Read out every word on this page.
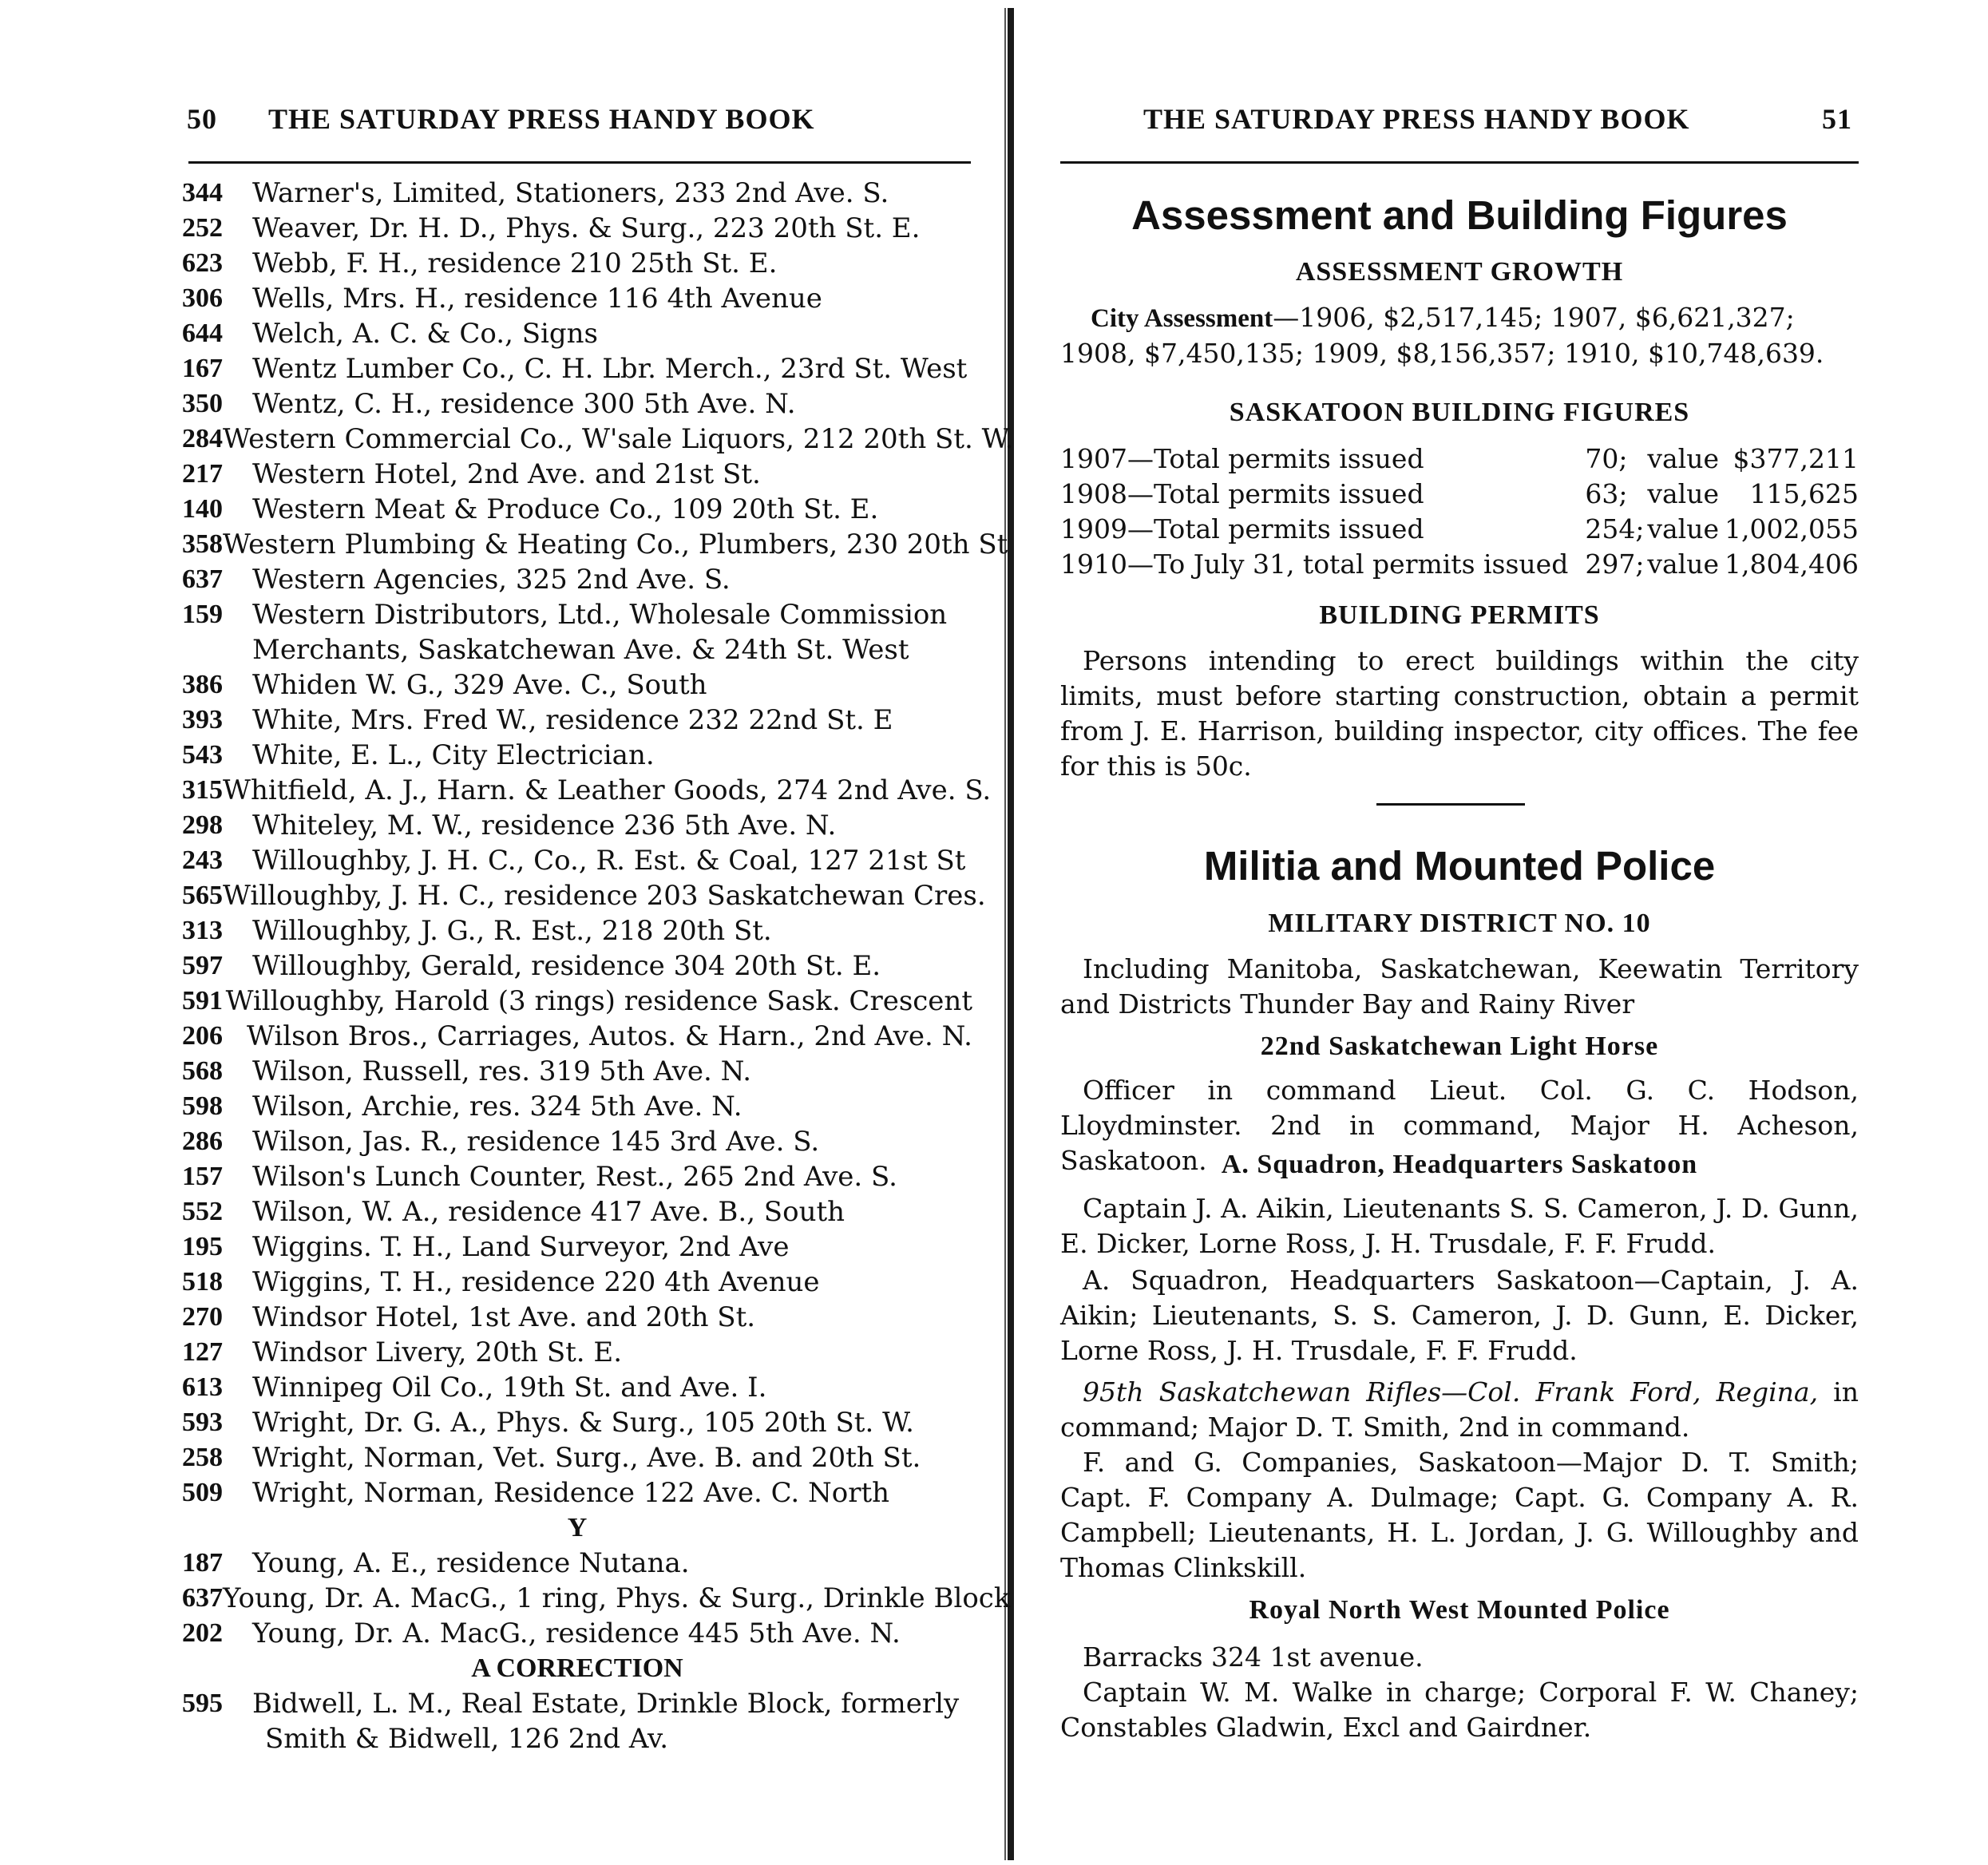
50 THE SATURDAY PRESS HANDY BOOK
344	Warner's, Limited, Stationers, 233 2nd Ave. S.
252	Weaver, Dr. H. D., Phys. & Surg., 223 20th St. E.
623	Webb, F. H., residence 210 25th St. E.
306	Wells, Mrs. H., residence 116 4th Avenue
644	Welch, A. C. & Co., Signs
167	Wentz Lumber Co., C. H. Lbr. Merch., 23rd St. West
350	Wentz, C. H., residence 300 5th Ave. N.
284 Western Commercial Co., W'sale Liquors, 212 20th St. W.
217	Western Hotel, 2nd Ave. and 21st St.
140	Western Meat & Produce Co., 109 20th St. E.
358 Western Plumbing & Heating Co., Plumbers, 230 20th St
637	Western Agencies, 325 2nd Ave. S.
159	Western Distributors, Ltd., Wholesale Commission
Merchants, Saskatchewan Ave. & 24th St. West
386	Whiden W. G., 329 Ave. C., South
393	White, Mrs. Fred W., residence 232 22nd St. E
543	White, E. L., City Electrician.
315 Whitfield, A. J., Harn. & Leather Goods, 274 2nd Ave. S.
298	Whiteley, M. W., residence 236 5th Ave. N.
243	Willoughby, J. H. C., Co., R. Est. & Coal, 127 21st St
565 Willoughby, J. H. C., residence 203 Saskatchewan Cres.
313	Willoughby, J. G., R. Est., 218 20th St.
597	Willoughby, Gerald, residence 304 20th St. E.
591 Willoughby, Harold (3 rings) residence Sask. Crescent
206 Wilson Bros., Carriages, Autos. & Harn., 2nd Ave. N.
568	Wilson, Russell, res. 319 5th Ave. N.
598	Wilson, Archie, res. 324 5th Ave. N.
286	Wilson, Jas. R., residence 145 3rd Ave. S.
157	Wilson's Lunch Counter, Rest., 265 2nd Ave. S.
552	Wilson, W. A., residence 417 Ave. B., South
195	Wiggins. T. H., Land Surveyor, 2nd Ave
518	Wiggins, T. H., residence 220 4th Avenue
270	Windsor Hotel, 1st Ave. and 20th St.
127	Windsor Livery, 20th St. E.
613	Winnipeg Oil Co., 19th St. and Ave. I.
593	Wright, Dr. G. A., Phys. & Surg., 105 20th St. W.
258	Wright, Norman, Vet. Surg., Ave. B. and 20th St.
509	Wright, Norman, Residence 122 Ave. C. North
Y
187	Young, A. E., residence Nutana.
637 Young, Dr. A. MacG., 1 ring, Phys. & Surg., Drinkle Block
202	Young, Dr. A. MacG., residence 445 5th Ave. N.
A CORRECTION
595	Bidwell, L. M., Real Estate, Drinkle Block, formerly
Smith & Bidwell, 126 2nd Av.
THE SATURDAY PRESS HANDY BOOK	51
Assessment and Building Figures
ASSESSMENT GROWTH
City Assessment—1906, $2,517,145; 1907, $6,621,327;
1908, $7,450,135; 1909, $8,156,357; 1910, $10,748,639.
SASKATOON BUILDING FIGURES
1907—Total permits issued	70;	value	$377,211
1908—Total permits issued	63;	value	115,625
1909—Total permits issued	254;	value	1,002,055
1910—To July 31, total permits issued	297;	value	1,804,406
BUILDING PERMITS
Persons intending to erect buildings within the city limits, must before starting construction, obtain a permit from J. E. Harrison, building inspector, city offices. The fee for this is 50c.
Militia and Mounted Police
MILITARY DISTRICT NO. 10
Including Manitoba, Saskatchewan, Keewatin Territory and Districts Thunder Bay and Rainy River
22nd Saskatchewan Light Horse
Officer in command Lieut. Col. G. C. Hodson, Lloydminster. 2nd in command, Major H. Acheson, Saskatoon. A. Squadron, Headquarters Saskatoon
Captain J. A. Aikin, Lieutenants S. S. Cameron, J. D. Gunn, E. Dicker, Lorne Ross, J. H. Trusdale, F. F. Frudd.
A. Squadron, Headquarters Saskatoon—Captain, J. A. Aikin; Lieutenants, S. S. Cameron, J. D. Gunn, E. Dicker, Lorne Ross, J. H. Trusdale, F. F. Frudd.
95th Saskatchewan Rifles—Col. Frank Ford, Regina, in command; Major D. T. Smith, 2nd in command.
F. and G. Companies, Saskatoon—Major D. T. Smith; Capt. F. Company A. Dulmage; Capt. G. Company A. R. Campbell; Lieutenants, H. L. Jordan, J. G. Willoughby and Thomas Clinkskill.
Royal North West Mounted Police
Barracks 324 1st avenue.
Captain W. M. Walke in charge; Corporal F. W. Chaney; Constables Gladwin, Excl and Gairdner.
